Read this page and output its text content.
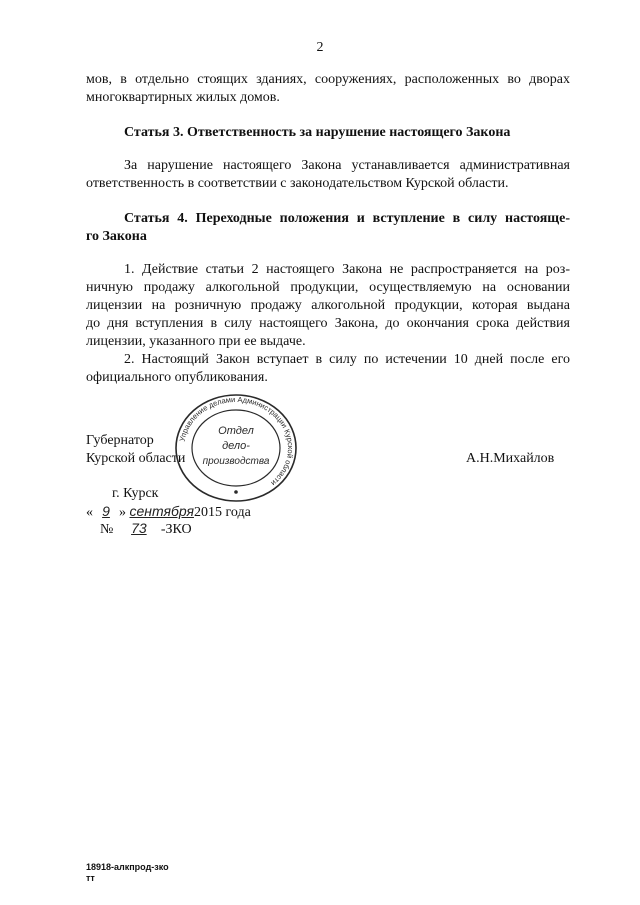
2
мов, в отдельно стоящих зданиях, сооружениях, расположенных во дворах
многоквартирных жилых домов.
Статья 3. Ответственность за нарушение настоящего Закона
За нарушение настоящего Закона устанавливается административная
ответственность в соответствии с законодательством Курской области.
Статья 4. Переходные положения и вступление в силу настояще-
го Закона
1. Действие статьи 2 настоящего Закона не распространяется на роз-
ничную продажу алкогольной продукции, осуществляемую на основании
лицензии на розничную продажу алкогольной продукции, которая выдана
до дня вступления в силу настоящего Закона, до окончания срока действия
лицензии, указанного при ее выдаче.
2. Настоящий Закон вступает в силу по истечении 10 дней после его
официального опубликования.
Губернатор
Курской области	А.Н.Михайлов
Управление делами Администрации Курской области
Отдел
дело-
производства
г. Курск
« 9 » сентября2015 года
№ 73 -ЗКО
18918-алкпрод-зко
тт
